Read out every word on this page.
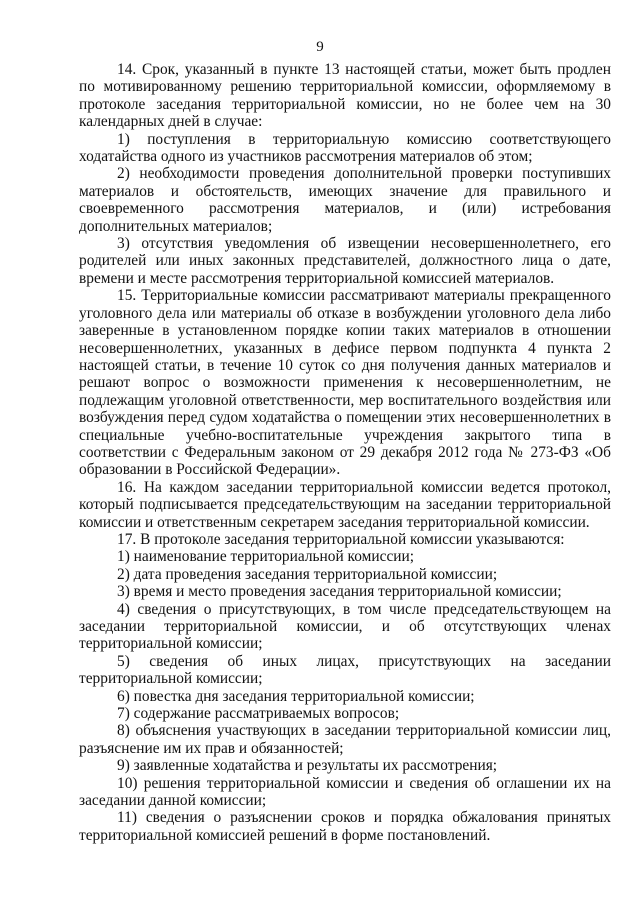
9

14. Срок, указанный в пункте 13 настоящей статьи, может быть продлен по мотивированному решению территориальной комиссии, оформляемому в протоколе заседания территориальной комиссии, но не более чем на 30 календарных дней в случае:

1) поступления в территориальную комиссию соответствующего ходатайства одного из участников рассмотрения материалов об этом;

2) необходимости проведения дополнительной проверки поступивших материалов и обстоятельств, имеющих значение для правильного и своевременного рассмотрения материалов, и (или) истребования дополнительных материалов;

3) отсутствия уведомления об извещении несовершеннолетнего, его родителей или иных законных представителей, должностного лица о дате, времени и месте рассмотрения территориальной комиссией материалов.

15. Территориальные комиссии рассматривают материалы прекращенного уголовного дела или материалы об отказе в возбуждении уголовного дела либо заверенные в установленном порядке копии таких материалов в отношении несовершеннолетних, указанных в дефисе первом подпункта 4 пункта 2 настоящей статьи, в течение 10 суток со дня получения данных материалов и решают вопрос о возможности применения к несовершеннолетним, не подлежащим уголовной ответственности, мер воспитательного воздействия или возбуждения перед судом ходатайства о помещении этих несовершеннолетних в специальные учебно-воспитательные учреждения закрытого типа в соответствии с Федеральным законом от 29 декабря 2012 года № 273-ФЗ «Об образовании в Российской Федерации».

16. На каждом заседании территориальной комиссии ведется протокол, который подписывается председательствующим на заседании территориальной комиссии и ответственным секретарем заседания территориальной комиссии.

17. В протоколе заседания территориальной комиссии указываются:

1) наименование территориальной комиссии;

2) дата проведения заседания территориальной комиссии;

3) время и место проведения заседания территориальной комиссии;

4) сведения о присутствующих, в том числе председательствующем на заседании территориальной комиссии, и об отсутствующих членах территориальной комиссии;

5) сведения об иных лицах, присутствующих на заседании территориальной комиссии;

6) повестка дня заседания территориальной комиссии;

7) содержание рассматриваемых вопросов;

8) объяснения участвующих в заседании территориальной комиссии лиц, разъяснение им их прав и обязанностей;

9) заявленные ходатайства и результаты их рассмотрения;

10) решения территориальной комиссии и сведения об оглашении их на заседании данной комиссии;

11) сведения о разъяснении сроков и порядка обжалования принятых территориальной комиссией решений в форме постановлений.
